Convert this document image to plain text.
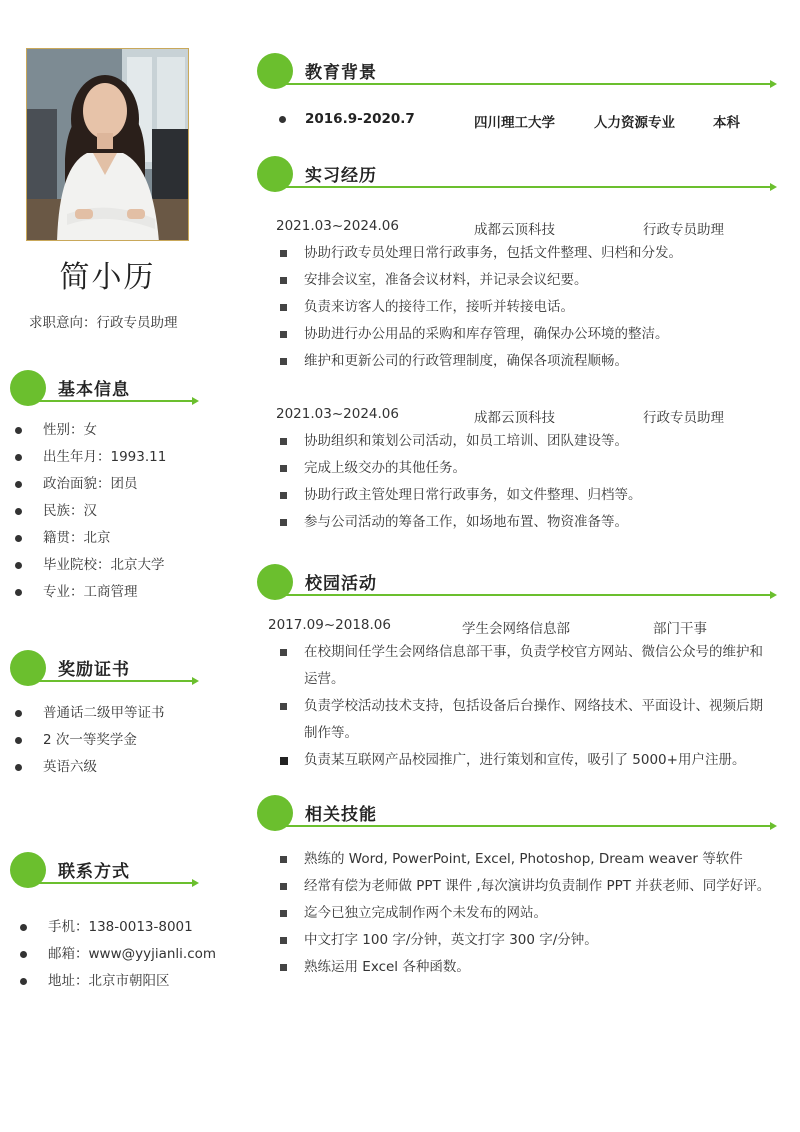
简小历
求职意向：行政专员助理
基本信息
性别：女
出生年月：1993.11
政治面貌：团员
民族：汉
籍贯：北京
毕业院校：北京大学
专业：工商管理
奖励证书
普通话二级甲等证书
2 次一等奖学金
英语六级
联系方式
手机：138-0013-8001
邮箱：www@yyjianli.com
地址：北京市朝阳区
教育背景
2016.9-2020.7	四川理工大学	人力资源专业	本科
实习经历
2021.03~2024.06	成都云顶科技	行政专员助理
协助行政专员处理日常行政事务，包括文件整理、归档和分发。
安排会议室，准备会议材料，并记录会议纪要。
负责来访客人的接待工作，接听并转接电话。
协助进行办公用品的采购和库存管理，确保办公环境的整洁。
维护和更新公司的行政管理制度，确保各项流程顺畅。
2021.03~2024.06	成都云顶科技	行政专员助理
协助组织和策划公司活动，如员工培训、团队建设等。
完成上级交办的其他任务。
协助行政主管处理日常行政事务，如文件整理、归档等。
参与公司活动的筹备工作，如场地布置、物资准备等。
校园活动
2017.09~2018.06	学生会网络信息部	部门干事
在校期间任学生会网络信息部干事，负责学校官方网站、微信公众号的维护和运营。
负责学校活动技术支持，包括设备后台操作、网络技术、平面设计、视频后期制作等。
负责某互联网产品校园推广，进行策划和宣传，吸引了 5000+用户注册。
相关技能
熟练的 Word, PowerPoint, Excel, Photoshop, Dream weaver 等软件
经常有偿为老师做 PPT 课件 ,每次演讲均负责制作 PPT 并获老师、同学好评。
迄今已独立完成制作两个未发布的网站。
中文打字 100 字/分钟，英文打字 300 字/分钟。
熟练运用 Excel 各种函数。
